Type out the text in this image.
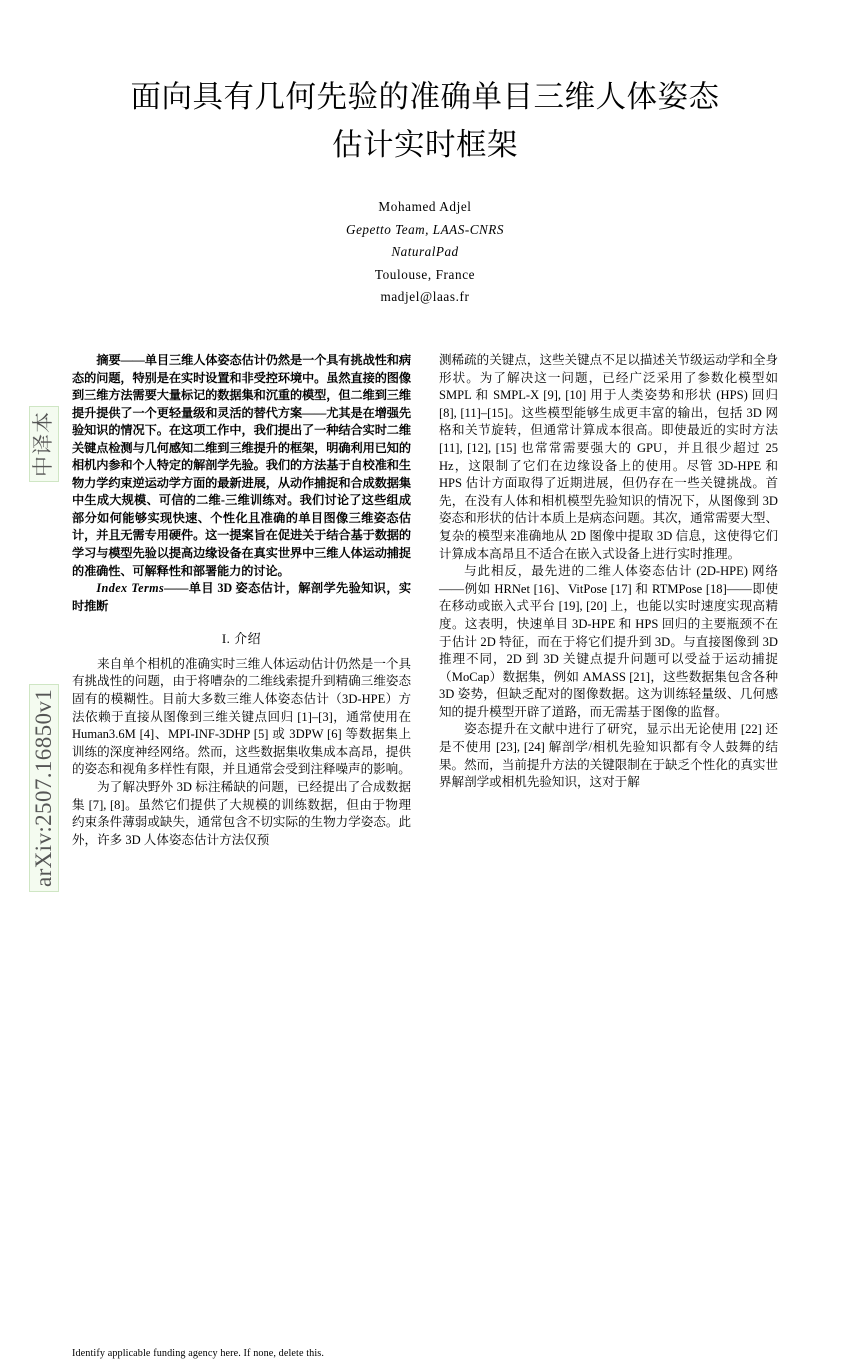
arXiv:2507.16850v1
中译本
面向具有几何先验的准确单目三维人体姿态
估计实时框架
Mohamed Adjel
Gepetto Team, LAAS-CNRS
NaturalPad
Toulouse, France
madjel@laas.fr

摘要——单目三维人体姿态估计仍然是一个具有挑战性和病态的问题，特别是在实时设置和非受控环境中。虽然直接的图像到三维方法需要大量标记的数据集和沉重的模型，但二维到三维提升提供了一个更轻量级和灵活的替代方案——尤其是在增强先验知识的情况下。在这项工作中，我们提出了一种结合实时二维关键点检测与几何感知二维到三维提升的框架，明确利用已知的相机内参和个人特定的解剖学先验。我们的方法基于自校准和生物力学约束逆运动学方面的最新进展，从动作捕捉和合成数据集中生成大规模、可信的二维-三维训练对。我们讨论了这些组成部分如何能够实现快速、个性化且准确的单目图像三维姿态估计，并且无需专用硬件。这一提案旨在促进关于结合基于数据的学习与模型先验以提高边缘设备在真实世界中三维人体运动捕捉的准确性、可解释性和部署能力的讨论。

Index Terms——单目 3D 姿态估计，解剖学先验知识，实时推断

I. 介绍

来自单个相机的准确实时三维人体运动估计仍然是一个具有挑战性的问题，由于将嘈杂的二维线索提升到精确三维姿态固有的模糊性。目前大多数三维人体姿态估计（3D-HPE）方法依赖于直接从图像到三维关键点回归 [1]–[3]，通常使用在 Human3.6M [4]、MPI-INF-3DHP [5] 或 3DPW [6] 等数据集上训练的深度神经网络。然而，这些数据集收集成本高昂，提供的姿态和视角多样性有限，并且通常会受到注释噪声的影响。

为了解决野外 3D 标注稀缺的问题，已经提出了合成数据集 [7], [8]。虽然它们提供了大规模的训练数据，但由于物理约束条件薄弱或缺失，通常包含不切实际的生物力学姿态。此外，许多 3D 人体姿态估计方法仅预

Identify applicable funding agency here. If none, delete this.

测稀疏的关键点，这些关键点不足以描述关节级运动学和全身形状。为了解决这一问题，已经广泛采用了参数化模型如 SMPL 和 SMPL-X [9], [10] 用于人类姿势和形状 (HPS) 回归 [8], [11]–[15]。这些模型能够生成更丰富的输出，包括 3D 网格和关节旋转，但通常计算成本很高。即使最近的实时方法 [11], [12], [15] 也常常需要强大的 GPU，并且很少超过 25 Hz，这限制了它们在边缘设备上的使用。尽管 3D-HPE 和 HPS 估计方面取得了近期进展，但仍存在一些关键挑战。首先，在没有人体和相机模型先验知识的情况下，从图像到 3D 姿态和形状的估计本质上是病态问题。其次，通常需要大型、复杂的模型来准确地从 2D 图像中提取 3D 信息，这使得它们计算成本高昂且不适合在嵌入式设备上进行实时推理。

与此相反，最先进的二维人体姿态估计 (2D-HPE) 网络——例如 HRNet [16]、VitPose [17] 和 RTMPose [18]——即使在移动或嵌入式平台 [19], [20] 上，也能以实时速度实现高精度。这表明，快速单目 3D-HPE 和 HPS 回归的主要瓶颈不在于估计 2D 特征，而在于将它们提升到 3D。与直接图像到 3D 推理不同，2D 到 3D 关键点提升问题可以受益于运动捕捉（MoCap）数据集，例如 AMASS [21]，这些数据集包含各种 3D 姿势，但缺乏配对的图像数据。这为训练轻量级、几何感知的提升模型开辟了道路，而无需基于图像的监督。

姿态提升在文献中进行了研究，显示出无论使用 [22] 还是不使用 [23], [24] 解剖学/相机先验知识都有令人鼓舞的结果。然而，当前提升方法的关键限制在于缺乏个性化的真实世界解剖学或相机先验知识，这对于解
